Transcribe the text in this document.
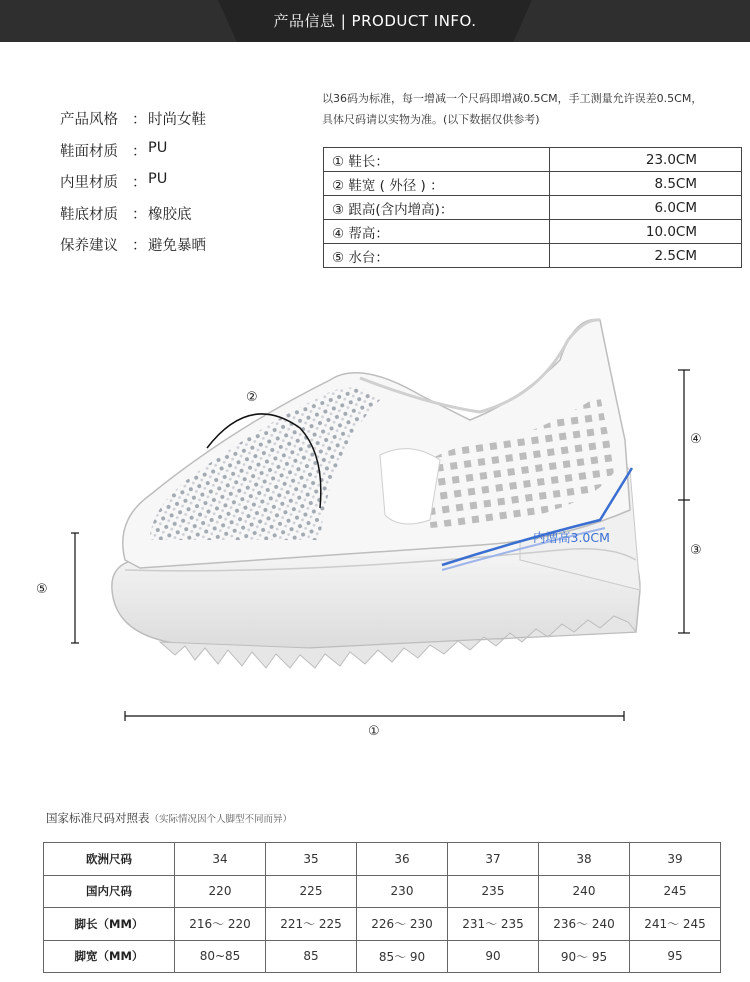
产品信息 | PRODUCT INFO.
产品风格 ： 时尚女鞋
鞋面材质 ： PU
内里材质 ： PU
鞋底材质 ： 橡胶底
保养建议 ： 避免暴晒
以36码为标准，每一增减一个尺码即增减0.5CM，手工测量允许误差0.5CM，
具体尺码请以实物为准。(以下数据仅供参考)
① 鞋长：	23.0CM
② 鞋宽 ( 外径 ) ：	8.5CM
③ 跟高(含内增高)：	6.0CM
④ 帮高：	10.0CM
⑤ 水台：	2.5CM
②
⑤
④
③
①
内增高3.0CM
国家标准尺码对照表（实际情况因个人脚型不同而异）
欧洲尺码	34	35	36	37	38	39
国内尺码	220	225	230	235	240	245
脚长（MM）	216～ 220	221～ 225	226～ 230	231～ 235	236～ 240	241～ 245
脚宽（MM）	80~85	85	85～ 90	90	90～ 95	95
